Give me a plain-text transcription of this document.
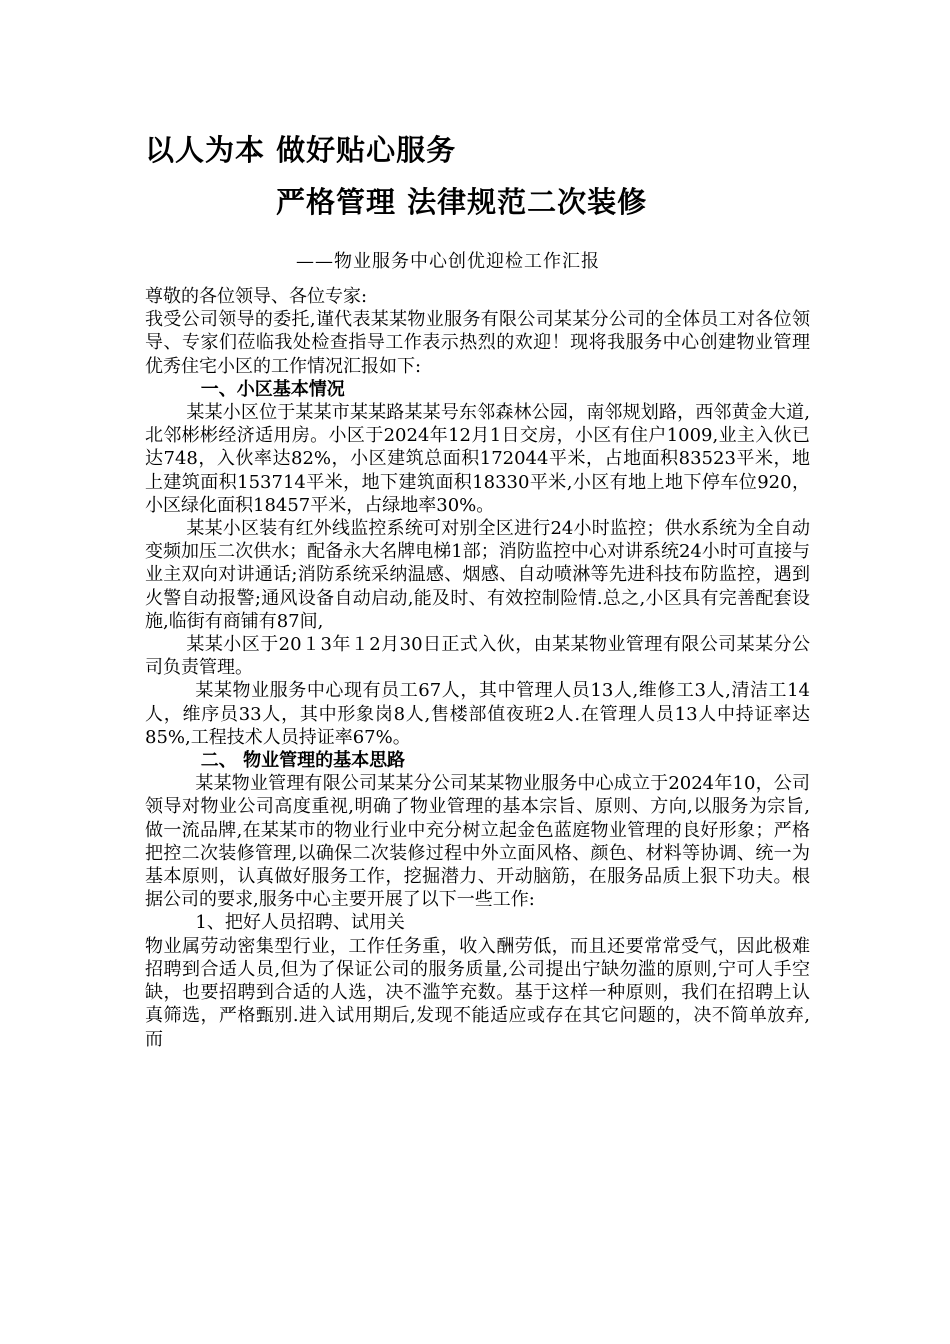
以人为本 做好贴心服务
严格管理 法律规范二次装修
——物业服务中心创优迎检工作汇报

尊敬的各位领导、各位专家:

我受公司领导的委托,谨代表某某物业服务有限公司某某分公司的全体员工对各位领导、专家们莅临我处检查指导工作表示热烈的欢迎！现将我服务中心创建物业管理优秀住宅小区的工作情况汇报如下:

一、小区基本情况

某某小区位于某某市某某路某某号东邻森林公园，南邻规划路，西邻黄金大道,北邻彬彬经济适用房。小区于2024年12月1日交房，小区有住户1009,业主入伙已达748，入伙率达82%，小区建筑总面积172044平米，占地面积83523平米，地上建筑面积153714平米，地下建筑面积18330平米,小区有地上地下停车位920，小区绿化面积18457平米，占绿地率30%。

某某小区装有红外线监控系统可对别全区进行24小时监控；供水系统为全自动变频加压二次供水；配备永大名牌电梯1部；消防监控中心对讲系统24小时可直接与业主双向对讲通话;消防系统采纳温感、烟感、自动喷淋等先进科技布防监控，遇到火警自动报警;通风设备自动启动,能及时、有效控制险情.总之,小区具有完善配套设施,临街有商铺有87间,

某某小区于20１3年１2月30日正式入伙，由某某物业管理有限公司某某分公司负责管理。

某某物业服务中心现有员工67人，其中管理人员13人,维修工3人,清洁工14人，维序员33人，其中形象岗8人,售楼部值夜班2人.在管理人员13人中持证率达85%,工程技术人员持证率67%。

二、 物业管理的基本思路

某某物业管理有限公司某某分公司某某物业服务中心成立于2024年10，公司领导对物业公司高度重视,明确了物业管理的基本宗旨、原则、方向,以服务为宗旨,做一流品牌,在某某市的物业行业中充分树立起金色蓝庭物业管理的良好形象；严格把控二次装修管理,以确保二次装修过程中外立面风格、颜色、材料等协调、统一为基本原则，认真做好服务工作，挖掘潜力、开动脑筋，在服务品质上狠下功夫。根据公司的要求,服务中心主要开展了以下一些工作:

1、把好人员招聘、试用关

物业属劳动密集型行业，工作任务重，收入酬劳低，而且还要常常受气，因此极难招聘到合适人员,但为了保证公司的服务质量,公司提出宁缺勿滥的原则,宁可人手空缺，也要招聘到合适的人选，决不滥竽充数。基于这样一种原则，我们在招聘上认真筛选，严格甄别.进入试用期后,发现不能适应或存在其它问题的，决不简单放弃,而
